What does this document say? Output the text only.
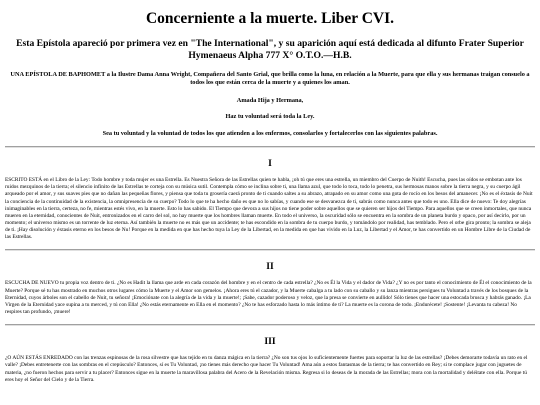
Concerniente a la muerte. Liber CVI.
Esta Epístola apareció por primera vez en "The International", y su aparición aquí está dedicada al difunto Frater Superior Hymenaeus Alpha 777 X° O.T.O.—H.B.
UNA EPÍSTOLA DE BAPHOMET a la Ilustre Dama Anna Wright, Compañera del Santo Grial, que brilla como la luna, en relación a la Muerte, para que ella y sus hermanas traigan consuelo a todos los que están cerca de la muerte y a quienes los aman.
Amada Hija y Hermana,
Haz tu voluntad será toda la Ley.
Sea tu voluntad y la voluntad de todos los que atienden a los enfermos, consolarlos y fortalecerlos con las siguientes palabras.
I
ESCRITO ESTÁ en el Libro de la Ley: Todo hombre y toda mujer es una Estrella. Es Nuestra Señora de las Estrellas quien te habla, ¡oh tú que eres una estrella, un miembro del Cuerpo de Nuith! Escucha, pues las oídos se embotan ante los ruidos mezquinos de la tierra; el silencio infinito de las Estrellas te corteja con su música sutil. Contempla cómo se inclina sobre ti, una llama azul, que todo lo toca, todo lo penetra, sus hermosas manos sobre la tierra negra, y su cuerpo ágil arqueado por el amor, y sus suaves pies que no dañan las pequeñas flores, y piensa que toda tu grosería caerá pronto de ti cuando saltes a su abrazo, atrapado en su amor como una gota de rocío en los besos del amanecer. ¡No es el éxtasis de Nuit la conciencia de la continuidad de la existencia, la omnipresencia de su cuerpo? Todo lo que te ha hecho daño es que no lo sabías, y cuando ese se desvanezca de ti, sabrás como nunca antes que todo es uno. Ella dice de nuevo: Te doy alegrías inimaginables en la tierra, certeza, no fe, mientras estés vivo, en la muerte. Esto lo has sabido. El Tiempo que devora a sus hijos no tiene poder sobre aquellos que se quieren ser hijos del Tiempo. Para aquellos que se creen inmortales, que nunca mueren en la eternidad, conocientes de Nuit, entronizados en el carro del sol, no hay muerte que los hombres llaman muerte. En todo el universo, la oscuridad sólo se encuentra en la sombra de un planeta burdo y opaco, por así decirlo, por un momento; el universo mismo es un torrente de luz eterna. Así también la muerte no es más que un accidente; te has escondido en la sombra de tu cuerpo burdo, y tomándolo por realidad, has temblado. Pero el orbe gira pronto; la sombra se aleja de ti. ¡Hay disolución y éxtasis eterno en los besos de Nu! Porque en la medida en que has hecho tuya la Ley de la Libertad, en la medida en que has vivido en la Luz, la Libertad y el Amor, te has convertido en un Hombre Libre de la Ciudad de las Estrellas.
II
ESCUCHA DE NUEVO tu propia voz dentro de ti. ¿No es Hadit la llama que arde en cada corazón del hombre y en el centro de cada estrella? ¿No es Él la Vida y el dador de Vida? ¿Y no es por tanto el conocimiento de Él el conocimiento de la Muerte? Porque sé tu has mostrado en muchos otros lugares cómo la Muerte y el Amor son gemelos. ¡Ahora eres tú el cazador, y la Muerte cabalga a tu lado con su caballo y su lanza mientras persigues tu Voluntad a través de los bosques de la Eternidad, cuyos árboles son el cabello de Nuit, tu señora! ¡Emociónate con la alegría de la vida y la muerte!; ¡Sabe, cazador poderoso y veloz, que la presa se convierte en aullido! Sólo tienes que hacer una estocada brusca y habrás ganado. ¡La Virgen de la Eternidad yace supina a tu merced, y tú con Ella! ¿No estás eternamente en Ella en el momento? ¿No te has esforzado hasta lo más íntimo de ti? La muerte es la corona de todo. ¡Endurécete! ¡Sostente! ¡Levanta tu cabeza! No respires tan profundo, ¡muere!
III
¿O AÚN ESTÁS ENREDADO con las trenzas espinosas de la rosa silvestre que has tejido en tu danza mágica en la tierra? ¿No son tus ojos lo suficientemente fuertes para soportar la luz de las estrellas? ¡Debes demorarte todavía un rato en el valle? ¡Debes entretenerte con las sombras en el crepúsculo? Entonces, sí es Tu Voluntad, ¡no tienes más derecho que hacer Tu Voluntad! Ama aún a estos fantasmas de la tierra; te has convertido en Rey; si te complace jugar con juguetes de materia, ¿no fueron hechos para servir a tu placer? Entonces sigue en la muerte la maravillosa palabra del Acero de la Revelación misma. Regresa si lo deseas de la morada de las Estrellas; mora con la mortalidad y deléitate con ella. Porque tú eres hoy el Señor del Cielo y de la Tierra.
